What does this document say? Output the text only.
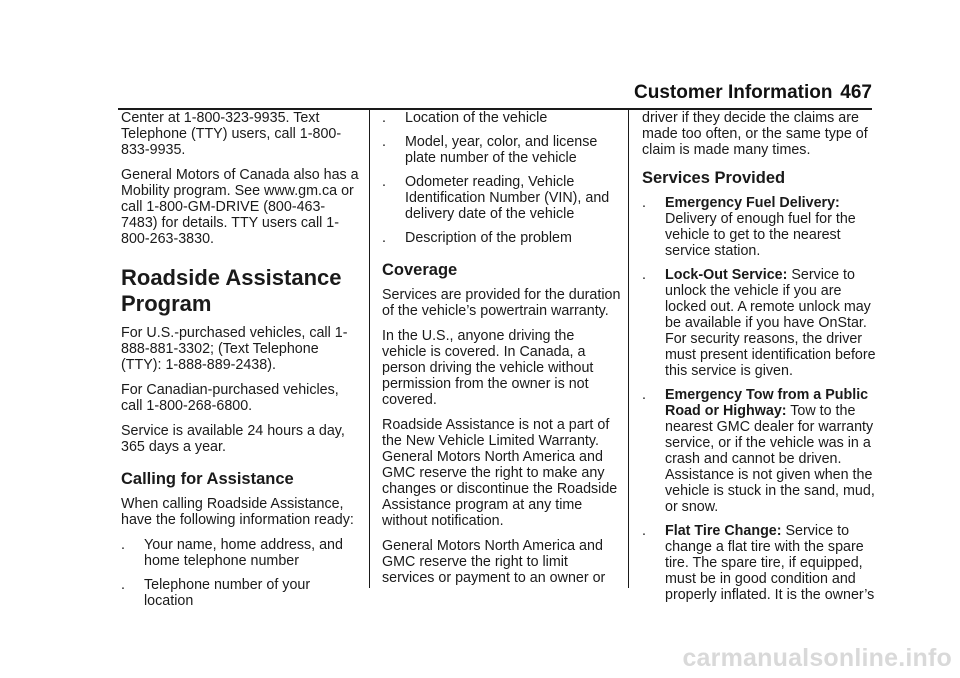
Customer Information 467

Center at 1-800-323-9935. Text Telephone (TTY) users, call 1-800-833-9935.

General Motors of Canada also has a Mobility program. See www.gm.ca or call 1-800-GM-DRIVE (800-463-7483) for details. TTY users call 1-800-263-3830.

Roadside Assistance Program

For U.S.-purchased vehicles, call 1-888-881-3302; (Text Telephone (TTY): 1-888-889-2438).

For Canadian-purchased vehicles, call 1-800-268-6800.

Service is available 24 hours a day, 365 days a year.

Calling for Assistance

When calling Roadside Assistance, have the following information ready:

. Your name, home address, and home telephone number
. Telephone number of your location
. Location of the vehicle
. Model, year, color, and license plate number of the vehicle
. Odometer reading, Vehicle Identification Number (VIN), and delivery date of the vehicle
. Description of the problem
Coverage

Services are provided for the duration of the vehicle’s powertrain warranty.

In the U.S., anyone driving the vehicle is covered. In Canada, a person driving the vehicle without permission from the owner is not covered.

Roadside Assistance is not a part of the New Vehicle Limited Warranty. General Motors North America and GMC reserve the right to make any changes or discontinue the Roadside Assistance program at any time without notification.

General Motors North America and GMC reserve the right to limit services or payment to an owner or

driver if they decide the claims are made too often, or the same type of claim is made many times.

Services Provided
. Emergency Fuel Delivery:
Delivery of enough fuel for the vehicle to get to the nearest service station.
. Lock-Out Service: Service to unlock the vehicle if you are locked out. A remote unlock may be available if you have OnStar. For security reasons, the driver must present identification before this service is given.
. Emergency Tow from a Public Road or Highway: Tow to the nearest GMC dealer for warranty service, or if the vehicle was in a crash and cannot be driven. Assistance is not given when the vehicle is stuck in the sand, mud, or snow.
. Flat Tire Change: Service to change a flat tire with the spare tire. The spare tire, if equipped, must be in good condition and properly inflated. It is the owner’s
carmanualsonline.info
